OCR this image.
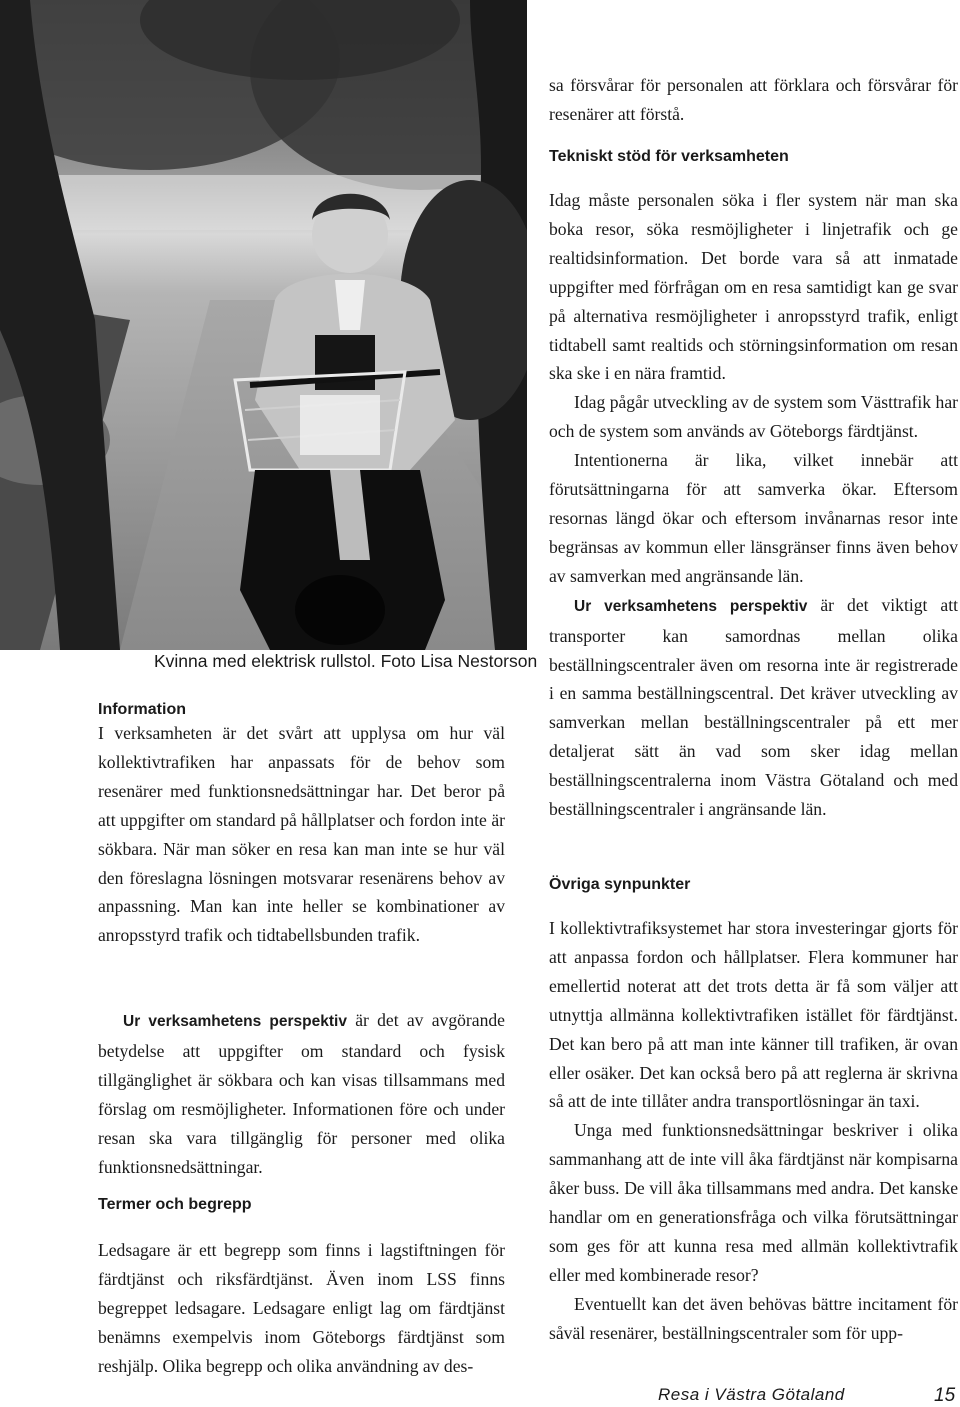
Kvinna med elektrisk rullstol. Foto Lisa Nestorson
Information

I verksamheten är det svårt att upplysa om hur väl kollektivtrafiken har anpassats för de behov som resenärer med funktionsnedsättningar har. Det beror på att uppgifter om standard på hållplatser och fordon inte är sökbara. När man söker en resa kan man inte se hur väl den föreslagna lösningen motsvarar resenärens behov av anpassning. Man kan inte heller se kombinationer av anropsstyrd trafik och tidtabellsbunden trafik.

Ur verksamhetens perspektiv är det av avgörande betydelse att uppgifter om standard och fysisk tillgänglighet är sökbara och kan visas tillsammans med förslag om resmöjligheter. Informationen före och under resan ska vara tillgänglig för personer med olika funktionsnedsättningar.

Termer och begrepp

Ledsagare är ett begrepp som finns i lagstiftningen för färdtjänst och riksfärdtjänst. Även inom LSS finns begreppet ledsagare. Ledsagare enligt lag om färdtjänst benämns exempelvis inom Göteborgs färdtjänst som reshjälp. Olika begrepp och olika användning av des-

sa försvårar för personalen att förklara och försvårar för resenärer att förstå.

Tekniskt stöd för verksamheten

Idag måste personalen söka i fler system när man ska boka resor, söka resmöjligheter i linjetrafik och ge realtidsinformation. Det borde vara så att inmatade uppgifter med förfrågan om en resa samtidigt kan ge svar på alternativa resmöjligheter i anropsstyrd trafik, enligt tidtabell samt realtids och störningsinformation om resan ska ske i en nära framtid.

Idag pågår utveckling av de system som Västtrafik har och de system som används av Göteborgs färdtjänst.

Intentionerna är lika, vilket innebär att förutsättningarna för att samverka ökar. Eftersom resornas längd ökar och eftersom invånarnas resor inte begränsas av kommun eller länsgränser finns även behov av samverkan med angränsande län.

Ur verksamhetens perspektiv är det viktigt att transporter kan samordnas mellan olika beställningscentraler även om resorna inte är registrerade i en samma beställningscentral. Det kräver utveckling av samverkan mellan beställningscentraler på ett mer detaljerat sätt än vad som sker idag mellan beställningscentralerna inom Västra Götaland och med beställningscentraler i angränsande län.

Övriga synpunkter

I kollektivtrafiksystemet har stora investeringar gjorts för att anpassa fordon och hållplatser. Flera kommuner har emellertid noterat att det trots detta är få som väljer att utnyttja allmänna kollektivtrafiken istället för färdtjänst. Det kan bero på att man inte känner till trafiken, är ovan eller osäker. Det kan också bero på att reglerna är skrivna så att de inte tillåter andra transportlösningar än taxi.

Unga med funktionsnedsättningar beskriver i olika sammanhang att de inte vill åka färdtjänst när kompisarna åker buss. De vill åka tillsammans med andra. Det kanske handlar om en generationsfråga och vilka förutsättningar som ges för att kunna resa med allmän kollektivtrafik eller med kombinerade resor?

Eventuellt kan det även behövas bättre incitament för såväl resenärer, beställningscentraler som för upp-

Resa i Västra Götaland	15
